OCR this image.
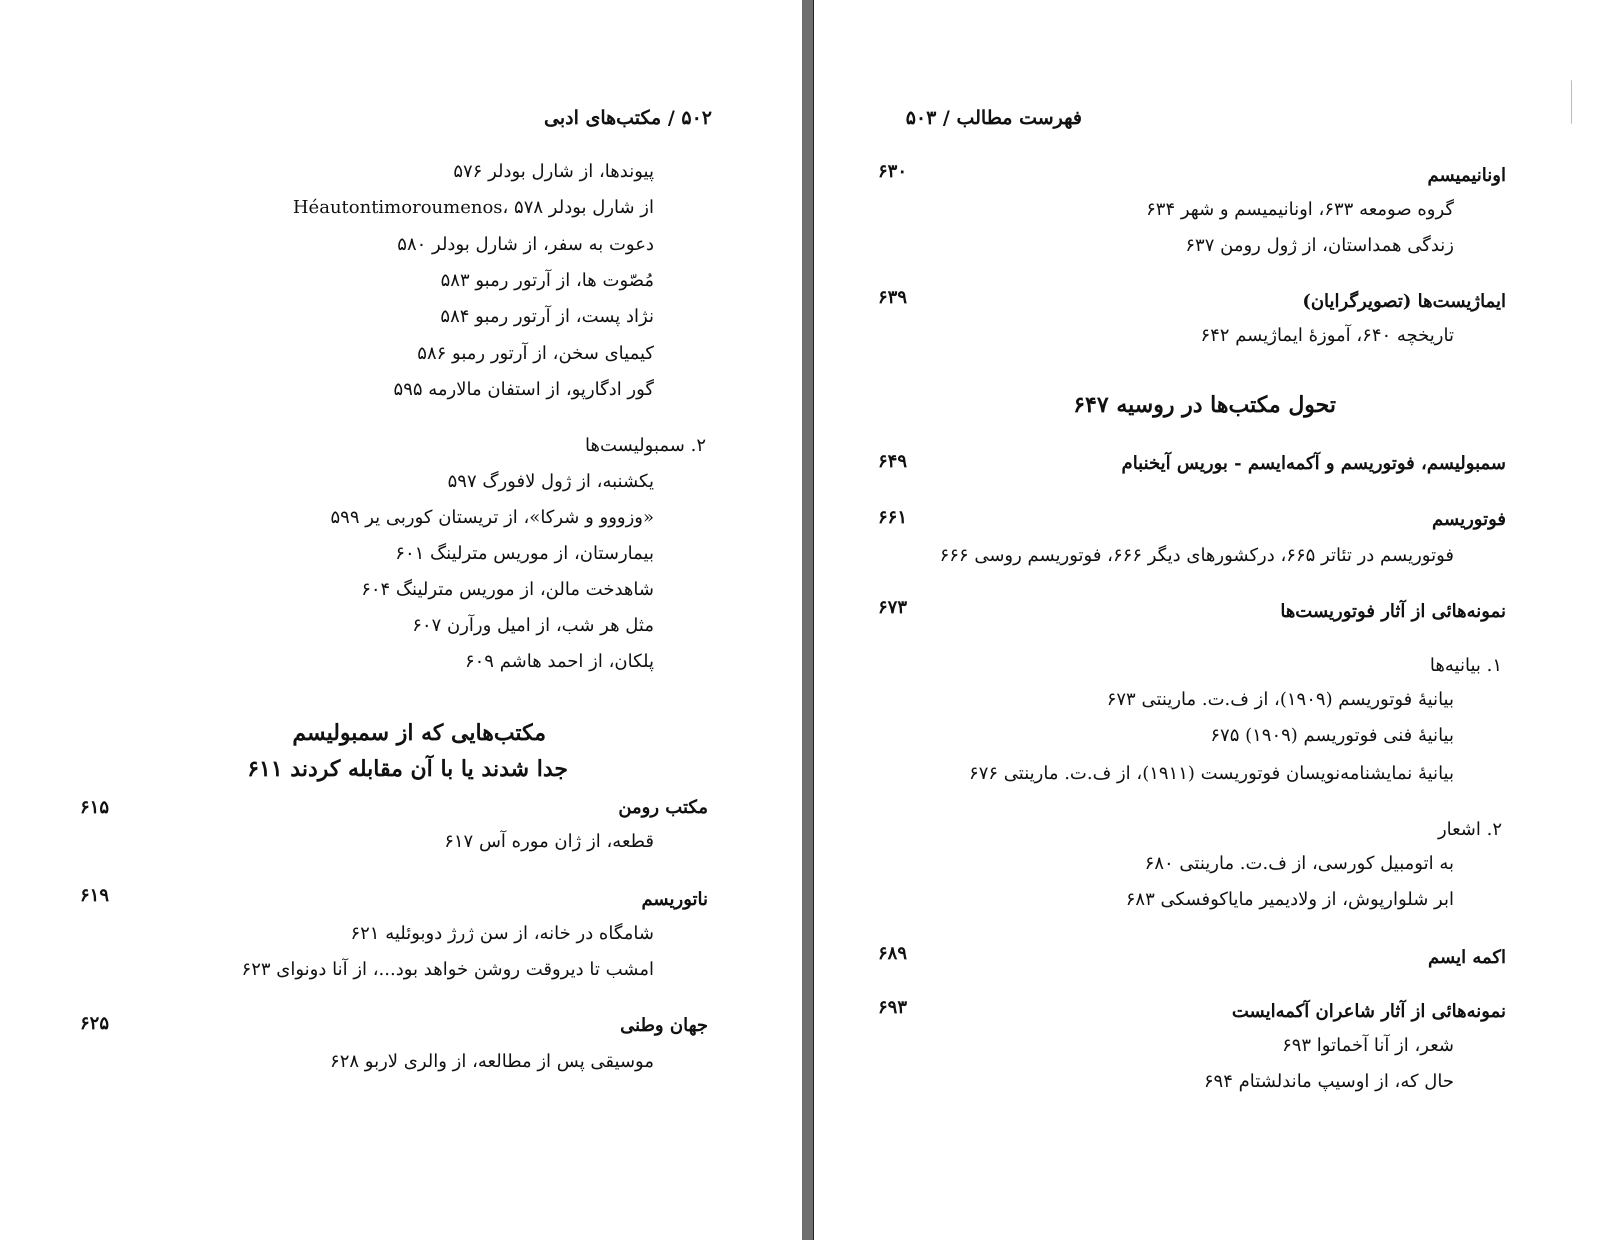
۵۰۲ / مکتب‌های ادبی
پیوندها، از شارل بودلر ۵۷۶
Héautontimoroumenos، از شارل بودلر ۵۷۸
دعوت به سفر، از شارل بودلر ۵۸۰
مُصّوت ها، از آرتور رمبو ۵۸۳
نژاد پست، از آرتور رمبو ۵۸۴
کیمیای سخن، از آرتور رمبو ۵۸۶
گور ادگارپو، از استفان مالارمه ۵۹۵
۲. سمبولیست‌ها
یکشنبه، از ژول لافورگ ۵۹۷
«وزووو و شرکا»، از تریستان کوربی یر ۵۹۹
بیمارستان، از موریس مترلینگ ۶۰۱
شاهدخت مالن، از موریس مترلینگ ۶۰۴
مثل هر شب، از امیل ورآرن ۶۰۷
پلکان، از احمد هاشم ۶۰۹
مکتب‌هایی که از سمبولیسم
جدا شدند یا با آن مقابله کردند ۶۱۱
مکتب رومن
۶۱۵
قطعه، از ژان موره آس ۶۱۷
ناتوریسم
۶۱۹
شامگاه در خانه، از سن ژرژ دوبوئلیه ۶۲۱
امشب تا دیروقت روشن خواهد بود...، از آنا دونوای ۶۲۳
جهان وطنی
۶۲۵
موسیقی پس از مطالعه، از والری لاربو ۶۲۸
فهرست مطالب / ۵۰۳
اونانیمیسم
۶۳۰
گروه صومعه ۶۳۳، اونانیمیسم و شهر ۶۳۴
زندگی همداستان، از ژول رومن ۶۳۷
ایماژیست‌ها (تصویرگرایان)
۶۳۹
تاریخچه ۶۴۰، آموزهٔ ایماژیسم ۶۴۲
تحول مکتب‌ها در روسیه ۶۴۷
سمبولیسم، فوتوریسم و آکمه‌ایسم - بوریس آیخنبام
۶۴۹
فوتوریسم
۶۶۱
فوتوریسم در تئاتر ۶۶۵، درکشورهای دیگر ۶۶۶، فوتوریسم روسی ۶۶۶
نمونه‌هائی از آثار فوتوریست‌ها
۶۷۳
۱. بیانیه‌ها
بیانیهٔ فوتوریسم (۱۹۰۹)، از ف.ت. مارینتی ۶۷۳
بیانیهٔ فنی فوتوریسم (۱۹۰۹) ۶۷۵
بیانیهٔ نمایشنامه‌نویسان فوتوریست (۱۹۱۱)، از ف.ت. مارینتی ۶۷۶
۲. اشعار
به اتومبیل کورسی، از ف.ت. مارینتی ۶۸۰
ابر شلوارپوش، از ولادیمیر مایاکوفسکی ۶۸۳
اکمه ایسم
۶۸۹
نمونه‌هائی از آثار شاعران آکمه‌ایست
۶۹۳
شعر، از آنا آخماتوا ۶۹۳
حال که، از اوسیپ ماندلشتام ۶۹۴
